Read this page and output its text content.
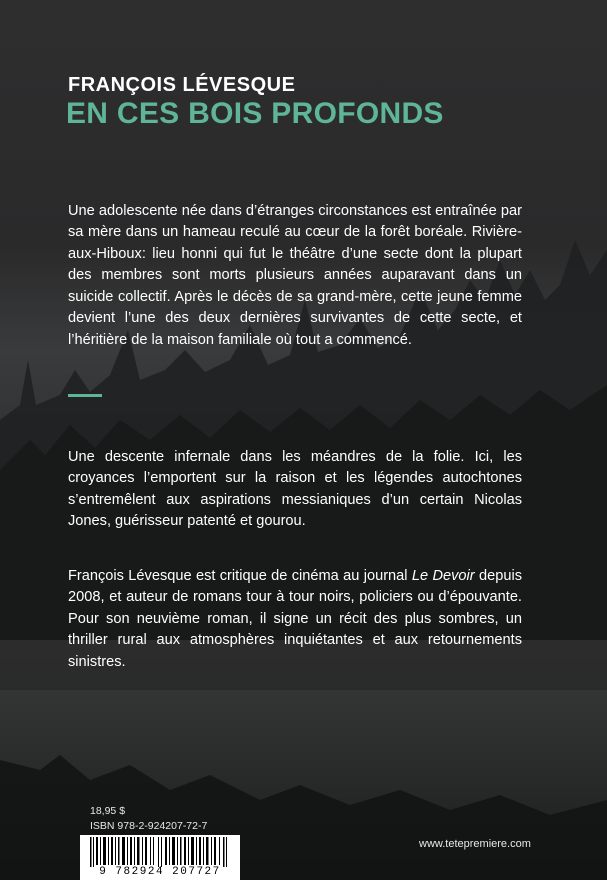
FRANÇOIS LÉVESQUE
EN CES BOIS PROFONDS

Une adolescente née dans d’étranges circonstances est entraînée par sa mère dans un hameau reculé au cœur de la forêt boréale. Rivière-aux-Hiboux: lieu honni qui fut le théâtre d’une secte dont la plupart des membres sont morts plusieurs années auparavant dans un suicide collectif. Après le décès de sa grand-mère, cette jeune femme devient l’une des deux dernières survivantes de cette secte, et l’héritière de la maison familiale où tout a commencé.

Une descente infernale dans les méandres de la folie. Ici, les croyances l’emportent sur la raison et les légendes autochtones s’entremêlent aux aspirations messianiques d’un certain Nicolas Jones, guérisseur patenté et gourou.

François Lévesque est critique de cinéma au journal Le Devoir depuis 2008, et auteur de romans tour à tour noirs, policiers ou d’épouvante. Pour son neuvième roman, il signe un récit des plus sombres, un thriller rural aux atmosphères inquiétantes et aux retournements sinistres.

18,95 $
ISBN 978-2-924207-72-7
9 782924 207727
www.tetepremiere.com
